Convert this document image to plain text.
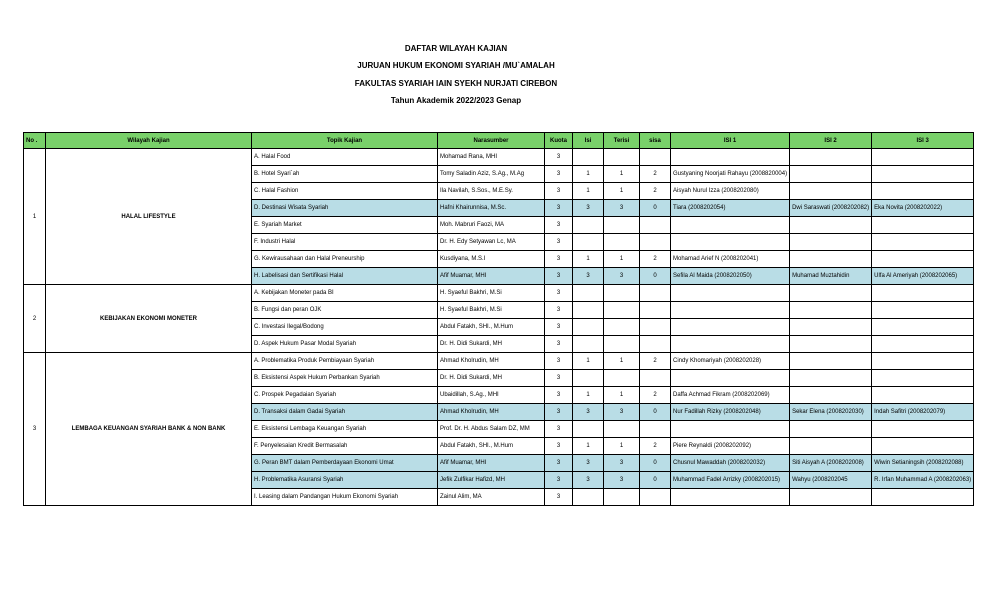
DAFTAR WILAYAH KAJIAN
JURUAN HUKUM EKONOMI SYARIAH /MU`AMALAH
FAKULTAS SYARIAH IAIN SYEKH NURJATI CIREBON
Tahun Akademik 2022/2023 Genap
No .	Wilayah Kajian	Topik Kajian	Narasumber	Kuota	Isi	Terisi	sisa	ISI 1	ISI 2	ISI 3
1	HALAL LIFESTYLE	A. Halal Food	Mohamad Rana, MHI	3						
		B. Hotel Syari`ah	Tomy Saladin Aziz, S.Ag., M.Ag	3	1	1	2	Gustyaning Noorjati Rahayu (2008820004)		
		C. Halal Fashion	Ila Navilah, S.Sos., M.E.Sy.	3	1	1	2	Aisyah Nurul Izza (2008202080)		
		D. Destinasi Wisata Syariah	Hafni Khairunnisa, M.Sc.	3	3	3	0	Tiara (2008202054)	Dwi Saraswati (2008202082)	Eka Novita (2008202022)
		E. Syariah Market	Moh. Mabruri Faozi, MA	3						
		F. Industri Halal	Dr. H. Edy Setyawan Lc, MA	3						
		G. Kewirausahaan dan Halal Preneurship	Kusdiyana, M.S.I	3	1	1	2	Mohamad Arief N (2008202041)		
		H. Labelisasi dan Sertifikasi Halal	Afif Muamar, MHI	3	3	3	0	Sefila Al Maida (2008202050)	Muhamad Muztahidin	Ulfa Al Ameriyah (2008202065)
2	KEBIJAKAN EKONOMI MONETER	A. Kebijakan Moneter pada BI	H. Syaeful Bakhri, M.Si	3						
		B. Fungsi dan peran OJK	H. Syaeful Bakhri, M.Si	3						
		C. Investasi Ilegal/Bodong	Abdul Fatakh, SHI., M.Hum	3						
		D. Aspek Hukum Pasar Modal Syariah	Dr. H. Didi Sukardi, MH	3						
3	LEMBAGA KEUANGAN SYARIAH BANK & NON BANK	A. Problematika Produk Pembiayaan Syariah	Ahmad Kholrudin, MH	3	1	1	2	Cindy Khomariyah (2008202028)		
		B. Eksistensi Aspek Hukum Perbankan Syariah	Dr. H. Didi Sukardi, MH	3						
		C. Prospek Pegadaian Syariah	Ubaidillah, S.Ag., MHI	3	1	1	2	Daffa Achmad Fikram (2008202069)		
		D. Transaksi dalam Gadai Syariah	Ahmad Kholrudin, MH	3	3	3	0	Nur Fadillah Rizky (2008202048)	Sekar Elena (2008202030)	Indah Safitri (2008202079)
		E. Eksistensi Lembaga Keuangan Syariah	Prof. Dr. H. Abdus Salam DZ, MM	3						
		F. Penyelesaian Kredit Bermasalah	Abdul Fatakh, SHI., M.Hum	3	1	1	2	Piere Reynaldi (2008202092)		
		G. Peran BMT dalam Pemberdayaan Ekonomi Umat	Afif Muamar, MHI	3	3	3	0	Chusnul Mawaddah (2008202032)	Siti Aisyah A (2008202008)	Wiwin Setianingsih (2008202088)
		H. Problematika Asuransi Syariah	Jefik Zulfikar Hafizd, MH	3	3	3	0	Muhammad Fadel Arrizky (2008202015)	Wahyu (2008202045	R. Irfan Muhammad A (2008202063)
		I. Leasing dalam Pandangan Hukum Ekonomi Syariah	Zainul Alim, MA	3						
